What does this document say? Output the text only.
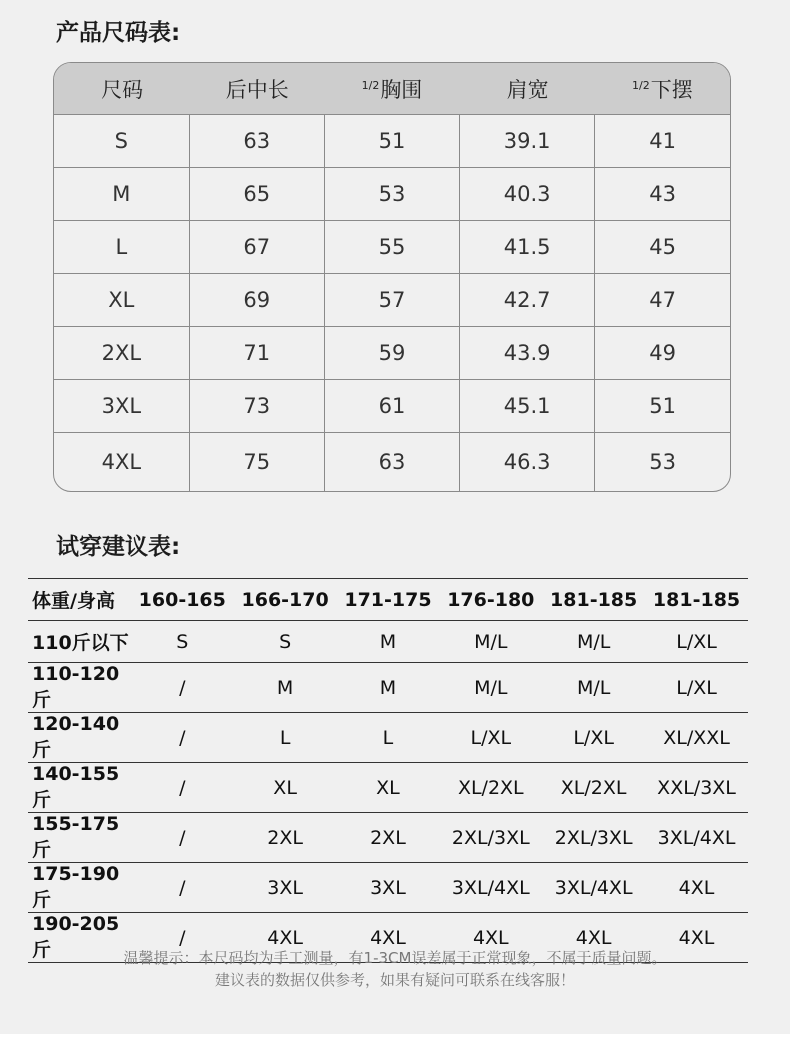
产品尺码表:
尺码	后中长	$^{1/2}$胸围	肩宽	$^{1/2}$下摆
S	63	51	39.1	41
M	65	53	40.3	43
L	67	55	41.5	45
XL	69	57	42.7	47
2XL	71	59	43.9	49
3XL	73	61	45.1	51
4XL	75	63	46.3	53
试穿建议表:
体重/身高	160-165	166-170	171-175	176-180	181-185	181-185
110斤以下	S	S	M	M/L	M/L	L/XL
110-120斤	/	M	M	M/L	M/L	L/XL
120-140斤	/	L	L	L/XL	L/XL	XL/XXL
140-155斤	/	XL	XL	XL/2XL	XL/2XL	XXL/3XL
155-175斤	/	2XL	2XL	2XL/3XL	2XL/3XL	3XL/4XL
175-190斤	/	3XL	3XL	3XL/4XL	3XL/4XL	4XL
190-205斤	/	4XL	4XL	4XL	4XL	4XL
温馨提示：本尺码均为手工测量，有1-3CM误差属于正常现象，不属于质量问题。
建议表的数据仅供参考，如果有疑问可联系在线客服！
